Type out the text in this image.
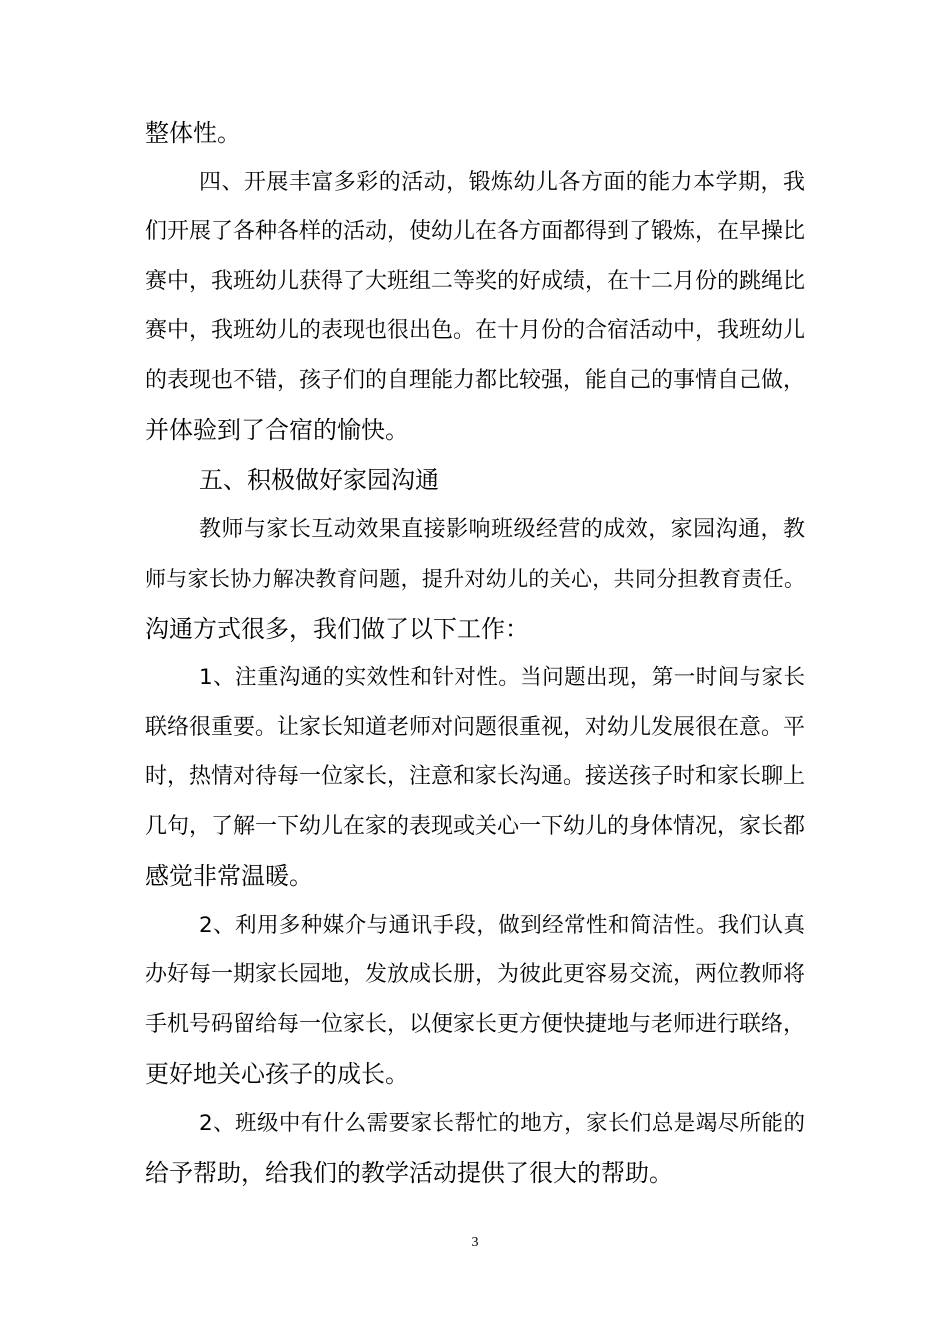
整体性。
四、开展丰富多彩的活动，锻炼幼儿各方面的能力本学期，我
们开展了各种各样的活动，使幼儿在各方面都得到了锻炼，在早操比
赛中，我班幼儿获得了大班组二等奖的好成绩，在十二月份的跳绳比
赛中，我班幼儿的表现也很出色。在十月份的合宿活动中，我班幼儿
的表现也不错，孩子们的自理能力都比较强，能自己的事情自己做，
并体验到了合宿的愉快。
五、积极做好家园沟通
教师与家长互动效果直接影响班级经营的成效，家园沟通，教
师与家长协力解决教育问题，提升对幼儿的关心，共同分担教育责任。
沟通方式很多，我们做了以下工作：
1、注重沟通的实效性和针对性。当问题出现，第一时间与家长
联络很重要。让家长知道老师对问题很重视，对幼儿发展很在意。平
时，热情对待每一位家长，注意和家长沟通。接送孩子时和家长聊上
几句，了解一下幼儿在家的表现或关心一下幼儿的身体情况，家长都
感觉非常温暖。
2、利用多种媒介与通讯手段，做到经常性和简洁性。我们认真
办好每一期家长园地，发放成长册，为彼此更容易交流，两位教师将
手机号码留给每一位家长，以便家长更方便快捷地与老师进行联络，
更好地关心孩子的成长。
2、班级中有什么需要家长帮忙的地方，家长们总是竭尽所能的
给予帮助，给我们的教学活动提供了很大的帮助。
3
